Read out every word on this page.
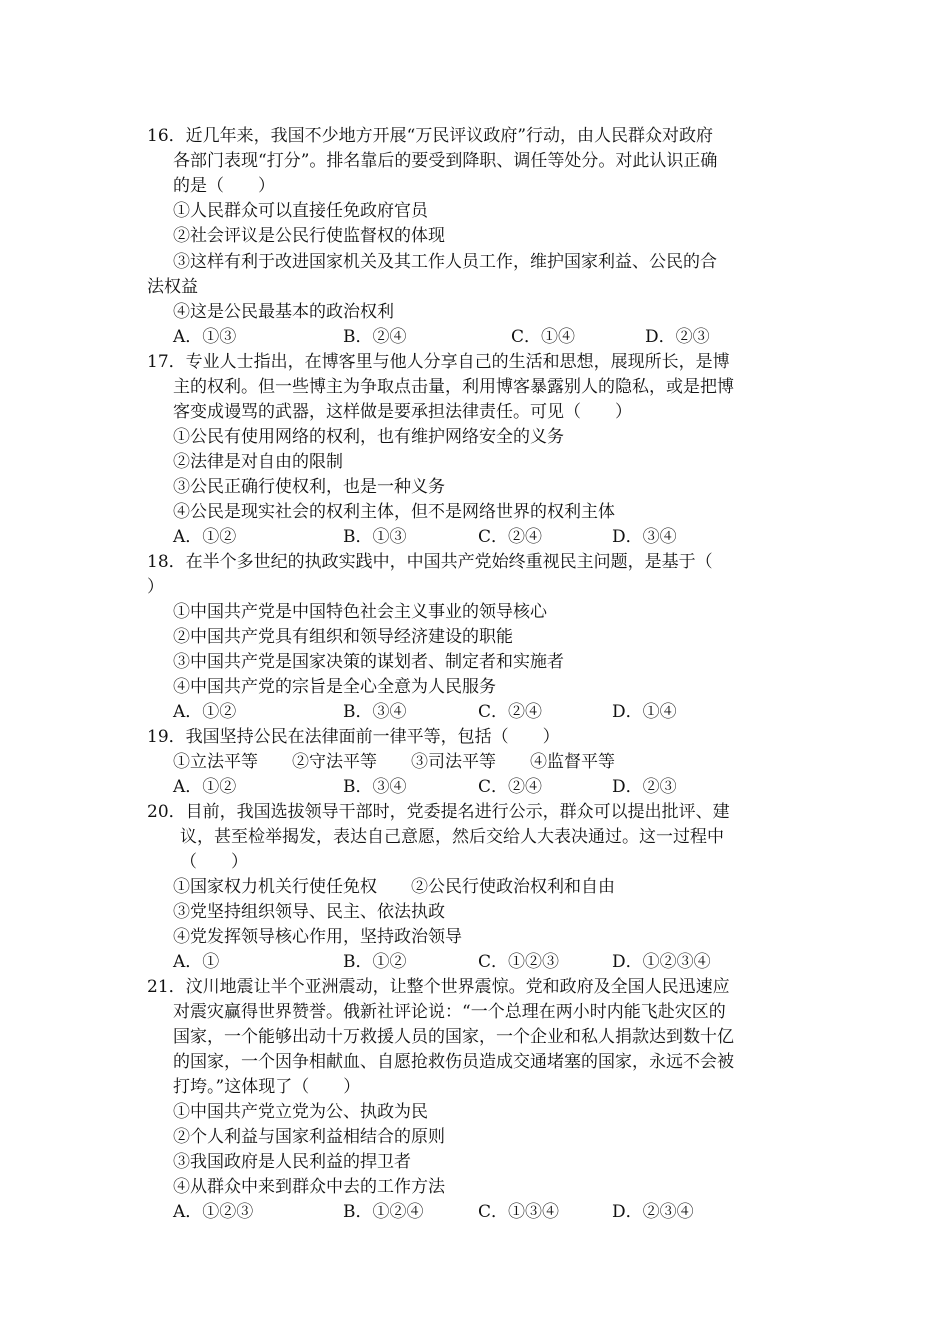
16．近几年来，我国不少地方开展“万民评议政府”行动，由人民群众对政府
各部门表现“打分”。排名靠后的要受到降职、调任等处分。对此认识正确
的是（　　）
①人民群众可以直接任免政府官员
②社会评议是公民行使监督权的体现
③这样有利于改进国家机关及其工作人员工作，维护国家利益、公民的合
法权益
④这是公民最基本的政治权利
A．①③	B．②④	C．①④	D．②③
17．专业人士指出，在博客里与他人分享自己的生活和思想，展现所长，是博
主的权利。但一些博主为争取点击量，利用博客暴露别人的隐私，或是把博
客变成谩骂的武器，这样做是要承担法律责任。可见（　　）
①公民有使用网络的权利，也有维护网络安全的义务
②法律是对自由的限制
③公民正确行使权利，也是一种义务
④公民是现实社会的权利主体，但不是网络世界的权利主体
A．①②	B．①③	C．②④	D．③④
18．在半个多世纪的执政实践中，中国共产党始终重视民主问题，是基于（
）
①中国共产党是中国特色社会主义事业的领导核心
②中国共产党具有组织和领导经济建设的职能
③中国共产党是国家决策的谋划者、制定者和实施者
④中国共产党的宗旨是全心全意为人民服务
A．①②	B．③④	C．②④	D．①④
19．我国坚持公民在法律面前一律平等，包括（　　）
①立法平等　　②守法平等　　③司法平等　　④监督平等
A．①②	B．③④	C．②④	D．②③
20．目前，我国选拔领导干部时，党委提名进行公示，群众可以提出批评、建
议，甚至检举揭发，表达自己意愿，然后交给人大表决通过。这一过程中
（　　）
①国家权力机关行使任免权　　②公民行使政治权利和自由
③党坚持组织领导、民主、依法执政
④党发挥领导核心作用，坚持政治领导
A．①	B．①②	C．①②③	D．①②③④
21．汶川地震让半个亚洲震动，让整个世界震惊。党和政府及全国人民迅速应
对震灾赢得世界赞誉。俄新社评论说：“一个总理在两小时内能飞赴灾区的
国家，一个能够出动十万救援人员的国家，一个企业和私人捐款达到数十亿
的国家，一个因争相献血、自愿抢救伤员造成交通堵塞的国家，永远不会被
打垮。”这体现了（　　）
①中国共产党立党为公、执政为民
②个人利益与国家利益相结合的原则
③我国政府是人民利益的捍卫者
④从群众中来到群众中去的工作方法
A．①②③	B．①②④	C．①③④	D．②③④
